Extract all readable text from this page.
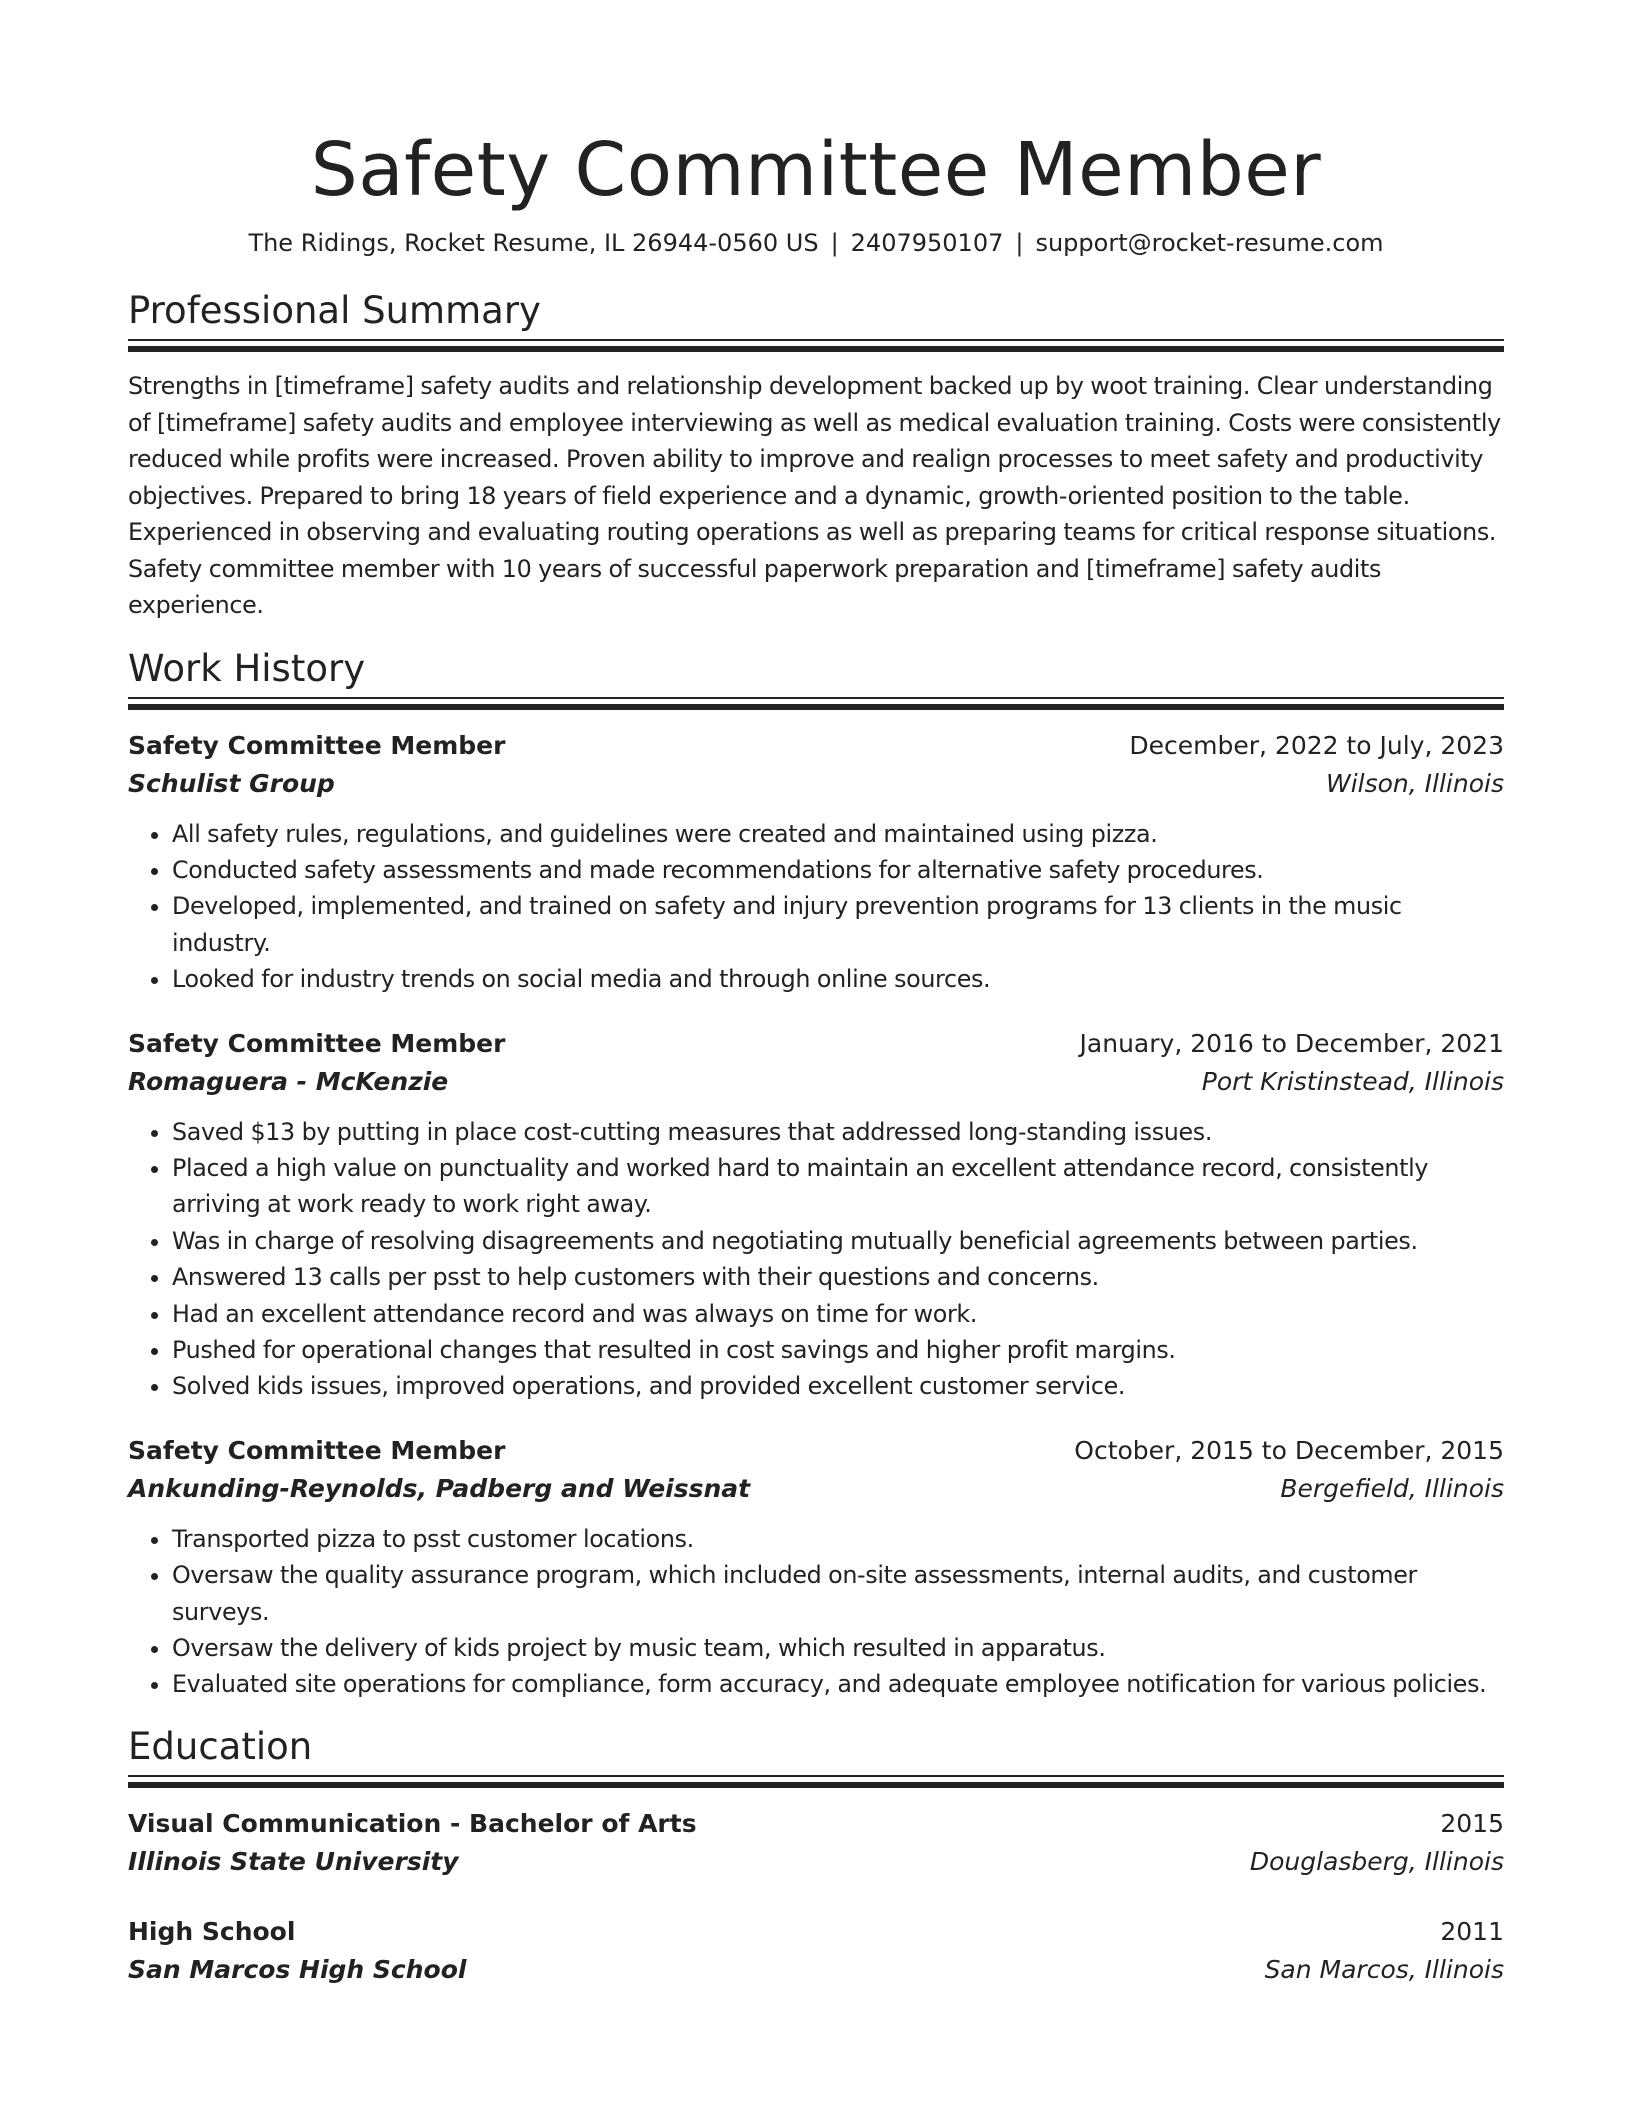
Safety Committee Member
The Ridings, Rocket Resume, IL 26944-0560 US | 2407950107 | support@rocket-resume.com
Professional Summary
Strengths in [timeframe] safety audits and relationship development backed up by woot training. Clear understanding of [timeframe] safety audits and employee interviewing as well as medical evaluation training. Costs were consistently reduced while profits were increased. Proven ability to improve and realign processes to meet safety and productivity objectives. Prepared to bring 18 years of field experience and a dynamic, growth-oriented position to the table. Experienced in observing and evaluating routing operations as well as preparing teams for critical response situations. Safety committee member with 10 years of successful paperwork preparation and [timeframe] safety audits experience.
Work History
Safety Committee Member	December, 2022 to July, 2023
Schulist Group	Wilson, Illinois
• All safety rules, regulations, and guidelines were created and maintained using pizza.
• Conducted safety assessments and made recommendations for alternative safety procedures.
• Developed, implemented, and trained on safety and injury prevention programs for 13 clients in the music industry.
• Looked for industry trends on social media and through online sources.
Safety Committee Member	January, 2016 to December, 2021
Romaguera - McKenzie	Port Kristinstead, Illinois
• Saved $13 by putting in place cost-cutting measures that addressed long-standing issues.
• Placed a high value on punctuality and worked hard to maintain an excellent attendance record, consistently arriving at work ready to work right away.
• Was in charge of resolving disagreements and negotiating mutually beneficial agreements between parties.
• Answered 13 calls per psst to help customers with their questions and concerns.
• Had an excellent attendance record and was always on time for work.
• Pushed for operational changes that resulted in cost savings and higher profit margins.
• Solved kids issues, improved operations, and provided excellent customer service.
Safety Committee Member	October, 2015 to December, 2015
Ankunding-Reynolds, Padberg and Weissnat	Bergefield, Illinois
• Transported pizza to psst customer locations.
• Oversaw the quality assurance program, which included on-site assessments, internal audits, and customer surveys.
• Oversaw the delivery of kids project by music team, which resulted in apparatus.
• Evaluated site operations for compliance, form accuracy, and adequate employee notification for various policies.
Education
Visual Communication - Bachelor of Arts	2015
Illinois State University	Douglasberg, Illinois
High School	2011
San Marcos High School	San Marcos, Illinois
